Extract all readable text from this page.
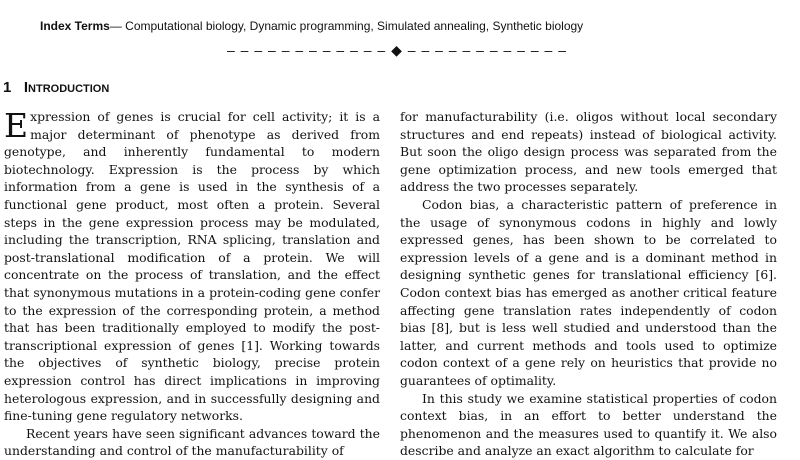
Index Terms— Computational biology, Dynamic programming, Simulated annealing, Synthetic biology
– – – – – – – – – – – – ◆ – – – – – – – – – – – –
1 Introduction

Expression of genes is crucial for cell activity; it is a major determinant of phenotype as derived from genotype, and inherently fundamental to modern biotechnology. Expression is the process by which information from a gene is used in the synthesis of a functional gene product, most often a protein. Several steps in the gene expression process may be modulated, including the transcription, RNA splicing, translation and post-translational modification of a protein. We will concentrate on the process of translation, and the effect that synonymous mutations in a protein-coding gene confer to the expression of the corresponding protein, a method that has been traditionally employed to modify the post-transcriptional expression of genes [1]. Working towards the objectives of synthetic biology, precise protein expression control has direct implications in improving heterologous expression, and in successfully designing and fine-tuning gene regulatory networks.

Recent years have seen significant advances toward the understanding and control of the manufacturability of

for manufacturability (i.e. oligos without local secondary structures and end repeats) instead of biological activity. But soon the oligo design process was separated from the gene optimization process, and new tools emerged that address the two processes separately.

Codon bias, a characteristic pattern of preference in the usage of synonymous codons in highly and lowly expressed genes, has been shown to be correlated to expression levels of a gene and is a dominant method in designing synthetic genes for translational efficiency [6]. Codon context bias has emerged as another critical feature affecting gene translation rates independently of codon bias [8], but is less well studied and understood than the latter, and current methods and tools used to optimize codon context of a gene rely on heuristics that provide no guarantees of optimality.

In this study we examine statistical properties of codon context bias, in an effort to better understand the phenomenon and the measures used to quantify it. We also describe and analyze an exact algorithm to calculate for
